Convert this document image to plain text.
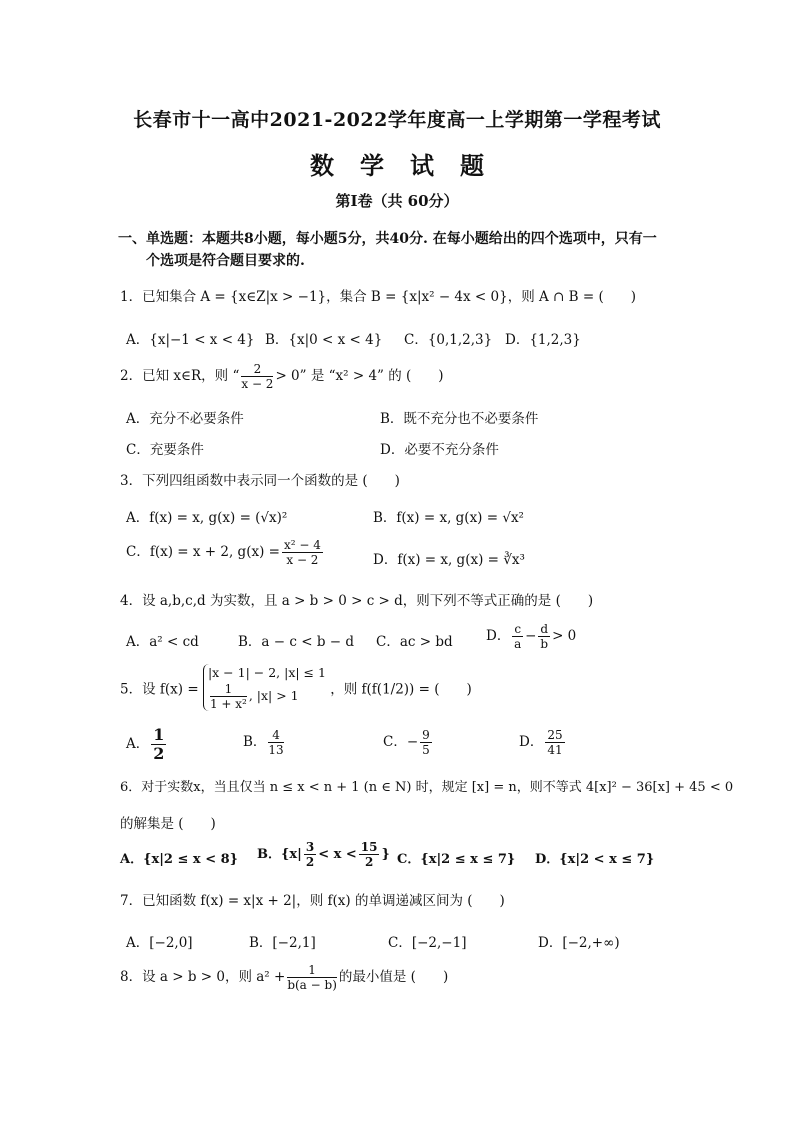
长春市十一高中2021-2022学年度高一上学期第一学程考试
数学试题
第Ⅰ卷（共 60分）
一、单选题：本题共8小题，每小题5分，共40分. 在每小题给出的四个选项中，只有一
个选项是符合题目要求的.
1．已知集合 A = {x∈Z|x > −1}，集合 B = {x|x² − 4x < 0}，则 A ∩ B = (　　)
A．{x|−1 < x < 4} B．{x|0 < x < 4} C．{0,1,2,3} D．{1,2,3}
2．已知 x∈R，则 “ $\frac{2}{x - 2} > 0$” 是 “x² > 4” 的 (　　)
A．充分不必要条件	B．既不充分也不必要条件
C．充要条件	D．必要不充分条件
3．下列四组函数中表示同一个函数的是 (　　)
A．f(x) = x, g(x) = (√x)²	B．f(x) = x, g(x) = √x²
C．f(x) = x + 2, $g(x) = \frac{\text{x² − 4}}{x - 2}$	D．f(x) = x, g(x) = ∛x³
4．设 a,b,c,d 为实数，且 a > b > 0 > c > d，则下列不等式正确的是 (　　)
A．a² < cd	B．a − c < b − d C．ac > bd D． $\frac{c}{a} - \frac{d}{b} > 0$
5．设 f(x) =
|x − 1| − 2, |x| ≤ 1
$\frac{1}{\text{1 + x²}}$ , |x| > 1	，则 f(f(1/2)) = (　　)
A． $\frac{1}{2}$	B． $\frac{4}{13}$	C．− $\frac{9}{5}$	D． $\frac{25}{41}$
6．对于实数x，当且仅当 n ≤ x < n + 1 (n ∈ N) 时，规定 [x] = n，则不等式 4[x]² − 36[x] + 45 < 0
的解集是 (　　)
A．{x|2 ≤ x < 8} B．{$x| \frac{3}{2} < x < \frac{15}{2}$ } C．{x|2 ≤ x ≤ 7} D．{x|2 < x ≤ 7}
7．已知函数 f(x) = x|x + 2|，则 f(x) 的单调递减区间为 (　　)
A．[−2,0]	B．[−2,1]	C．[−2,−1]	D．[−2,+∞)
8．设 a > b > 0，则 $a^2 + \frac{1}{b(a - b)}$ 的最小值是 (　　)
